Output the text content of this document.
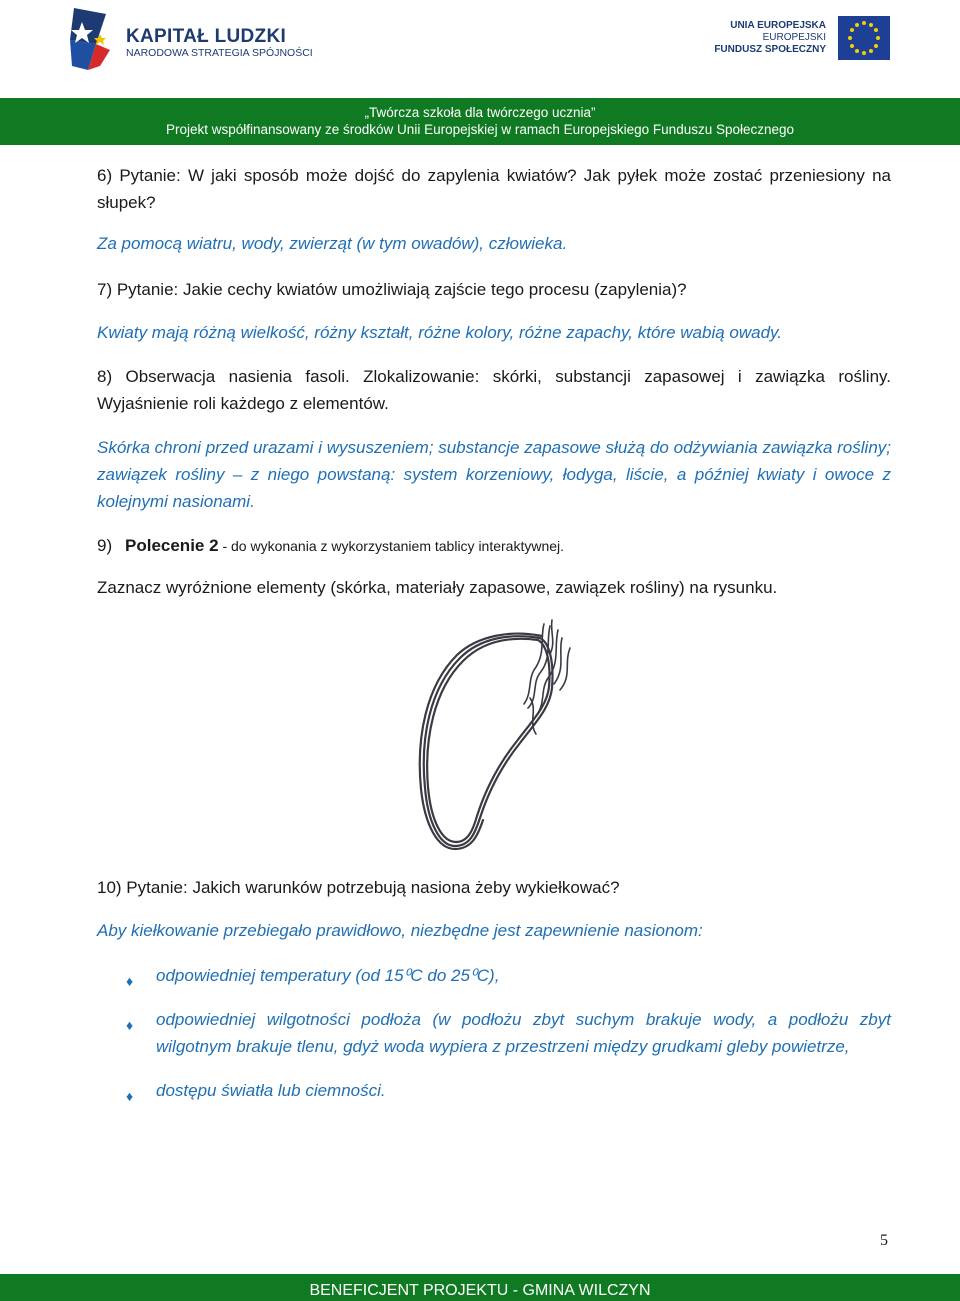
KAPITAŁ LUDZKI
NARODOWA STRATEGIA SPÓJNOŚCI
UNIA EUROPEJSKA
EUROPEJSKI
FUNDUSZ SPOŁECZNY
„Twórcza szkoła dla twórczego ucznia”
Projekt współfinansowany ze środków Unii Europejskiej w ramach Europejskiego Funduszu Społecznego
6) Pytanie: W jaki sposób może dojść do zapylenia kwiatów? Jak pyłek może zostać przeniesiony na słupek?
Za pomocą wiatru, wody, zwierząt (w tym owadów), człowieka.
7) Pytanie: Jakie cechy kwiatów umożliwiają zajście tego procesu (zapylenia)?
Kwiaty mają różną wielkość, różny kształt, różne kolory, różne zapachy, które wabią owady.
8) Obserwacja nasienia fasoli. Zlokalizowanie: skórki, substancji zapasowej i zawiązka rośliny. Wyjaśnienie roli każdego z elementów.
Skórka chroni przed urazami i wysuszeniem; substancje zapasowe służą do odżywiania zawiązka rośliny; zawiązek rośliny – z niego powstaną: system korzeniowy, łodyga, liście, a później kwiaty i owoce z kolejnymi nasionami.
9) Polecenie 2 - do wykonania z wykorzystaniem tablicy interaktywnej.
Zaznacz wyróżnione elementy (skórka, materiały zapasowe, zawiązek rośliny) na rysunku.
10) Pytanie: Jakich warunków potrzebują nasiona żeby wykiełkować?
Aby kiełkowanie przebiegało prawidłowo, niezbędne jest zapewnienie nasionom:
♦ odpowiedniej temperatury (od 15⁰C do 25⁰C),
♦ odpowiedniej wilgotności podłoża (w podłożu zbyt suchym brakuje wody, a podłożu zbyt wilgotnym brakuje tlenu, gdyż woda wypiera z przestrzeni między grudkami gleby powietrze,
♦ dostępu światła lub ciemności.
5
BENEFICJENT PROJEKTU - GMINA WILCZYN
